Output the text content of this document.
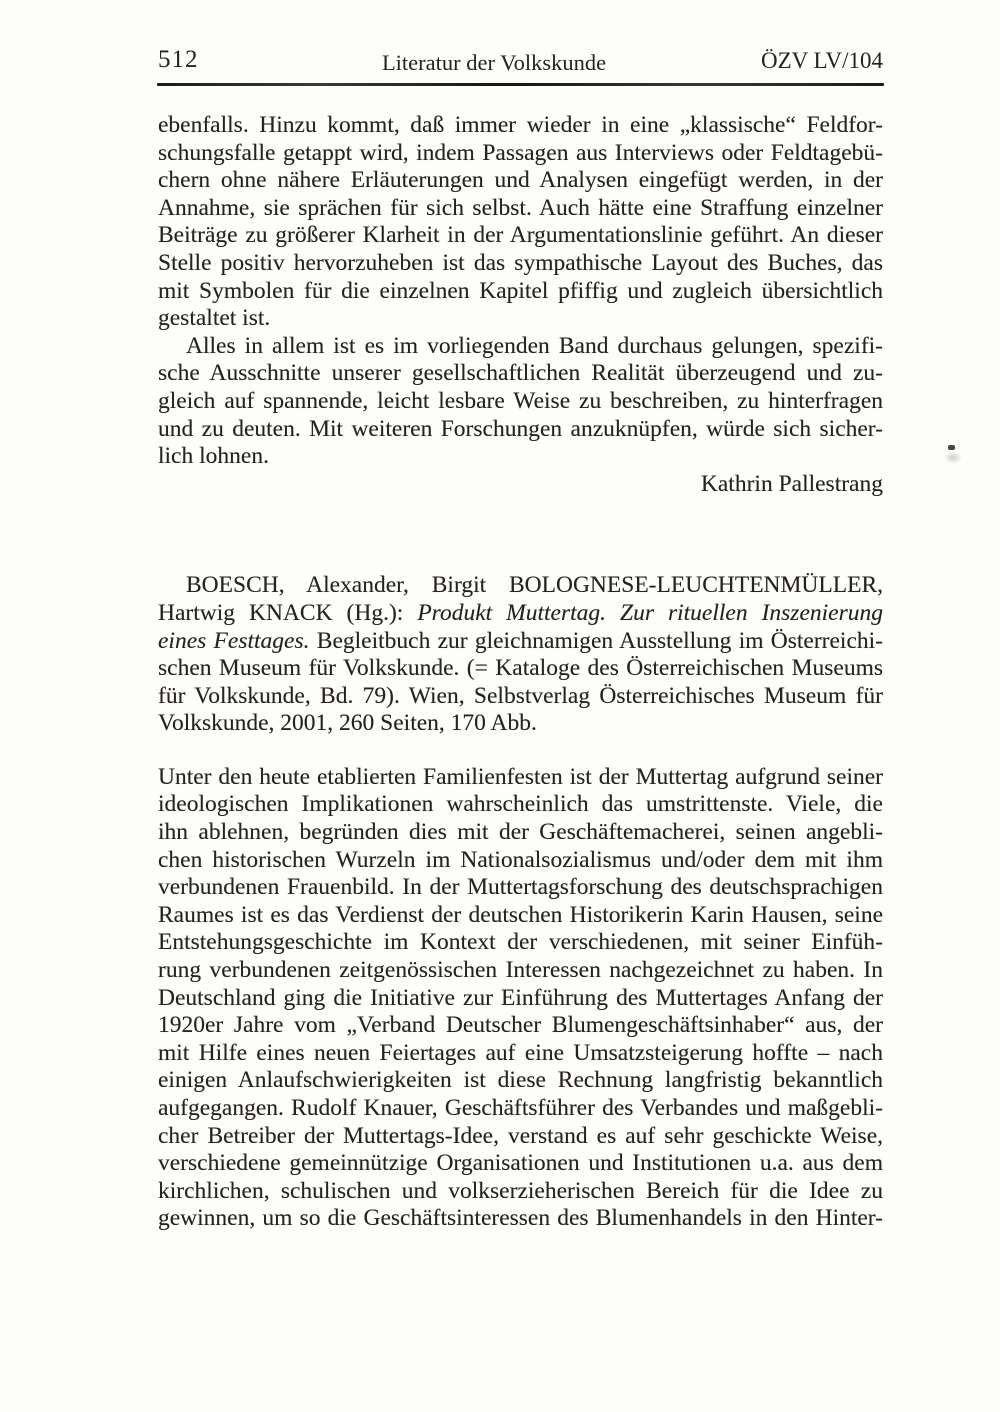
512	Literatur der Volkskunde	ÖZV LV/104
ebenfalls. Hinzu kommt, daß immer wieder in eine „klassische“ Feldfor-
schungsfalle getappt wird, indem Passagen aus Interviews oder Feldtagebü-
chern ohne nähere Erläuterungen und Analysen eingefügt werden, in der
Annahme, sie sprächen für sich selbst. Auch hätte eine Straffung einzelner
Beiträge zu größerer Klarheit in der Argumentationslinie geführt. An dieser
Stelle positiv hervorzuheben ist das sympathische Layout des Buches, das
mit Symbolen für die einzelnen Kapitel pfiffig und zugleich übersichtlich
gestaltet ist.
Alles in allem ist es im vorliegenden Band durchaus gelungen, spezifi-
sche Ausschnitte unserer gesellschaftlichen Realität überzeugend und zu-
gleich auf spannende, leicht lesbare Weise zu beschreiben, zu hinterfragen
und zu deuten. Mit weiteren Forschungen anzuknüpfen, würde sich sicher-
lich lohnen.
Kathrin Pallestrang
BOESCH, Alexander, Birgit BOLOGNESE-LEUCHTENMÜLLER,
Hartwig KNACK (Hg.): Produkt Muttertag. Zur rituellen Inszenierung
eines Festtages. Begleitbuch zur gleichnamigen Ausstellung im Österreichi-
schen Museum für Volkskunde. (= Kataloge des Österreichischen Museums
für Volkskunde, Bd. 79). Wien, Selbstverlag Österreichisches Museum für
Volkskunde, 2001, 260 Seiten, 170 Abb.
Unter den heute etablierten Familienfesten ist der Muttertag aufgrund seiner
ideologischen Implikationen wahrscheinlich das umstrittenste. Viele, die
ihn ablehnen, begründen dies mit der Geschäftemacherei, seinen angebli-
chen historischen Wurzeln im Nationalsozialismus und/oder dem mit ihm
verbundenen Frauenbild. In der Muttertagsforschung des deutschsprachigen
Raumes ist es das Verdienst der deutschen Historikerin Karin Hausen, seine
Entstehungsgeschichte im Kontext der verschiedenen, mit seiner Einfüh-
rung verbundenen zeitgenössischen Interessen nachgezeichnet zu haben. In
Deutschland ging die Initiative zur Einführung des Muttertages Anfang der
1920er Jahre vom „Verband Deutscher Blumengeschäftsinhaber“ aus, der
mit Hilfe eines neuen Feiertages auf eine Umsatzsteigerung hoffte – nach
einigen Anlaufschwierigkeiten ist diese Rechnung langfristig bekanntlich
aufgegangen. Rudolf Knauer, Geschäftsführer des Verbandes und maßgebli-
cher Betreiber der Muttertags-Idee, verstand es auf sehr geschickte Weise,
verschiedene gemeinnützige Organisationen und Institutionen u.a. aus dem
kirchlichen, schulischen und volkserzieherischen Bereich für die Idee zu
gewinnen, um so die Geschäftsinteressen des Blumenhandels in den Hinter-
